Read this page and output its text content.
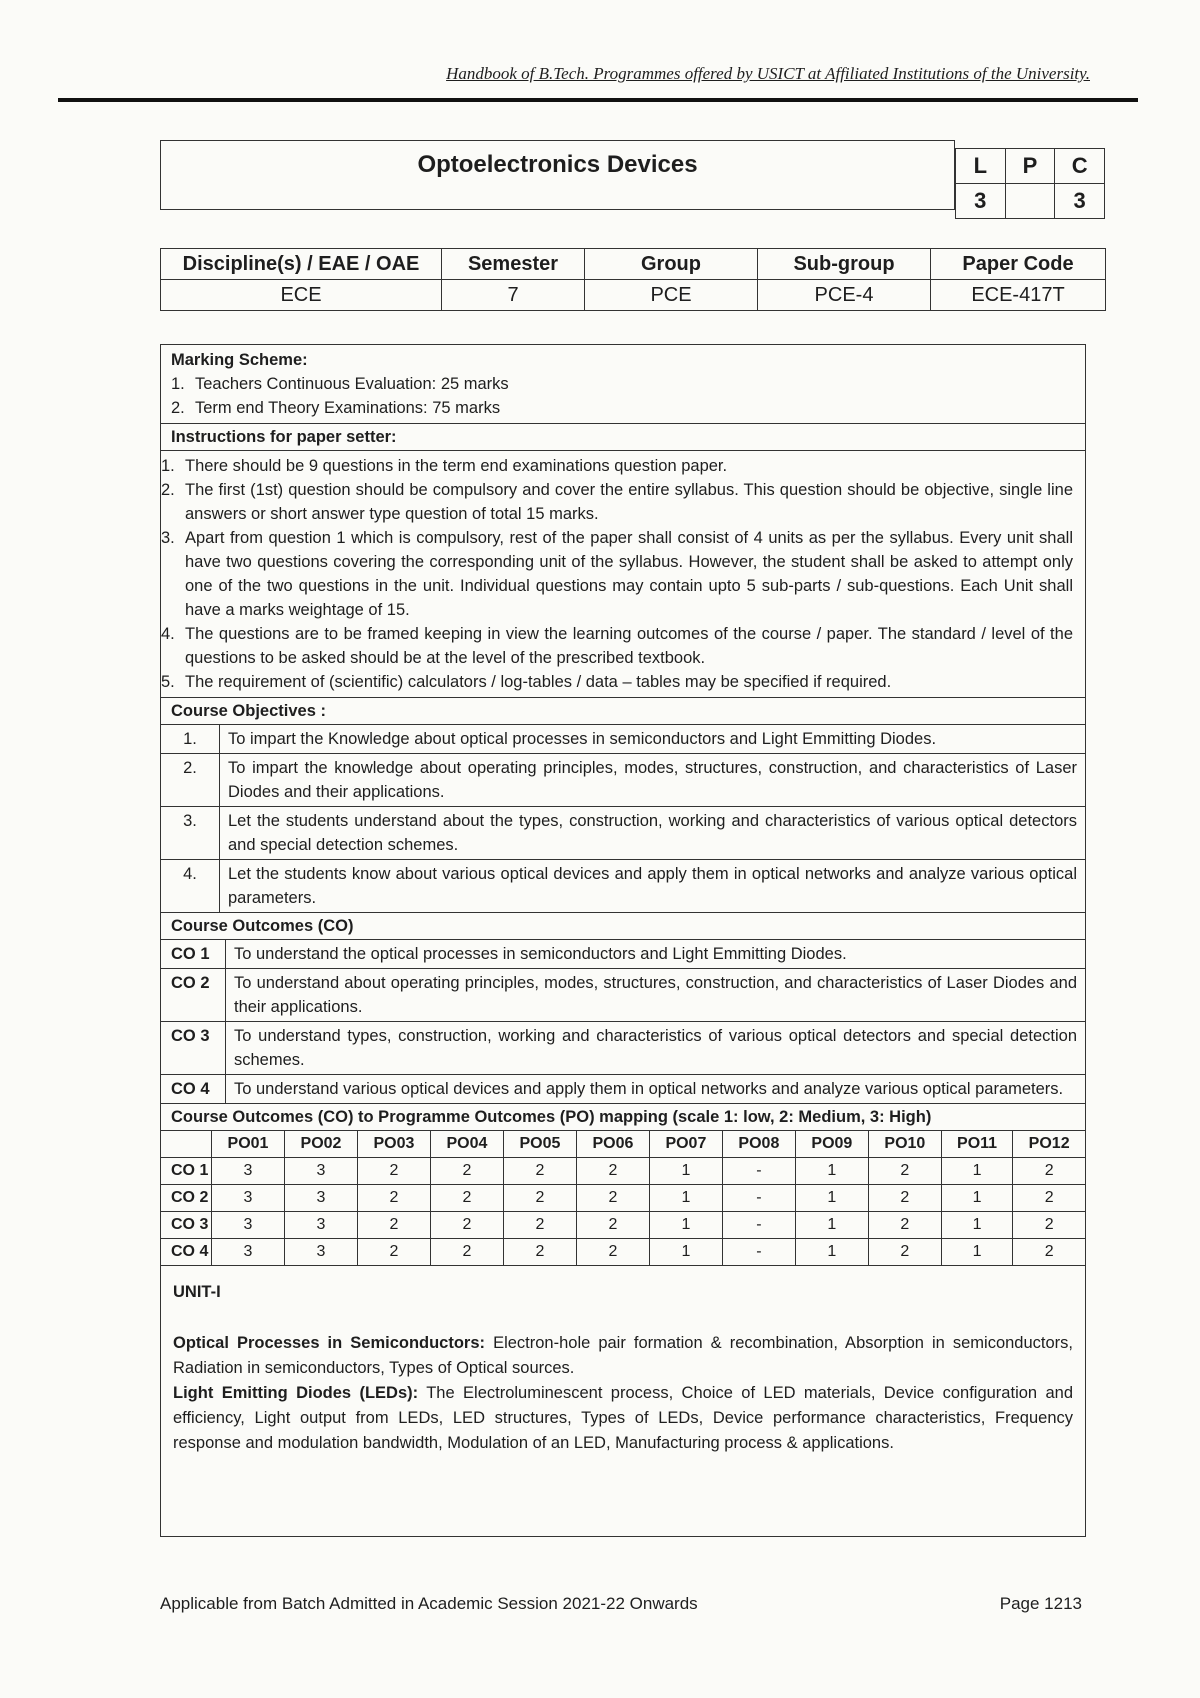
Handbook of B.Tech. Programmes offered by USICT at Affiliated Institutions of the University.
Optoelectronics Devices	L	P	C
3		3
Discipline(s) / EAE / OAE	Semester	Group	Sub-group	Paper Code
ECE	7	PCE	PCE-4	ECE-417T
Marking Scheme:
1. Teachers Continuous Evaluation: 25 marks
2. Term end Theory Examinations: 75 marks
Instructions for paper setter:
1. There should be 9 questions in the term end examinations question paper.
2. The first (1st) question should be compulsory and cover the entire syllabus. This question should be objective, single line answers or short answer type question of total 15 marks.
3. Apart from question 1 which is compulsory, rest of the paper shall consist of 4 units as per the syllabus. Every unit shall have two questions covering the corresponding unit of the syllabus. However, the student shall be asked to attempt only one of the two questions in the unit. Individual questions may contain upto 5 sub-parts / sub-questions. Each Unit shall have a marks weightage of 15.
4. The questions are to be framed keeping in view the learning outcomes of the course / paper. The standard / level of the questions to be asked should be at the level of the prescribed textbook.
5. The requirement of (scientific) calculators / log-tables / data – tables may be specified if required.
Course Objectives :
1.	To impart the Knowledge about optical processes in semiconductors and Light Emmitting Diodes.
2.	To impart the knowledge about operating principles, modes, structures, construction, and characteristics of Laser Diodes and their applications.
3.	Let the students understand about the types, construction, working and characteristics of various optical detectors and special detection schemes.
4.	Let the students know about various optical devices and apply them in optical networks and analyze various optical parameters.
Course Outcomes (CO)
CO 1	To understand the optical processes in semiconductors and Light Emmitting Diodes.
CO 2	To understand about operating principles, modes, structures, construction, and characteristics of Laser Diodes and their applications.
CO 3	To understand types, construction, working and characteristics of various optical detectors and special detection schemes.
CO 4	To understand various optical devices and apply them in optical networks and analyze various optical parameters.
Course Outcomes (CO) to Programme Outcomes (PO) mapping (scale 1: low, 2: Medium, 3: High)
	PO01	PO02	PO03	PO04	PO05	PO06	PO07	PO08	PO09	PO10	PO11	PO12
CO 1	3	3	2	2	2	2	1	-	1	2	1	2
CO 2	3	3	2	2	2	2	1	-	1	2	1	2
CO 3	3	3	2	2	2	2	1	-	1	2	1	2
CO 4	3	3	2	2	2	2	1	-	1	2	1	2
UNIT-I
Optical Processes in Semiconductors: Electron-hole pair formation & recombination, Absorption in semiconductors, Radiation in semiconductors, Types of Optical sources.
Light Emitting Diodes (LEDs): The Electroluminescent process, Choice of LED materials, Device configuration and efficiency, Light output from LEDs, LED structures, Types of LEDs, Device performance characteristics, Frequency response and modulation bandwidth, Modulation of an LED, Manufacturing process & applications.
Applicable from Batch Admitted in Academic Session 2021-22 Onwards	Page 1213
